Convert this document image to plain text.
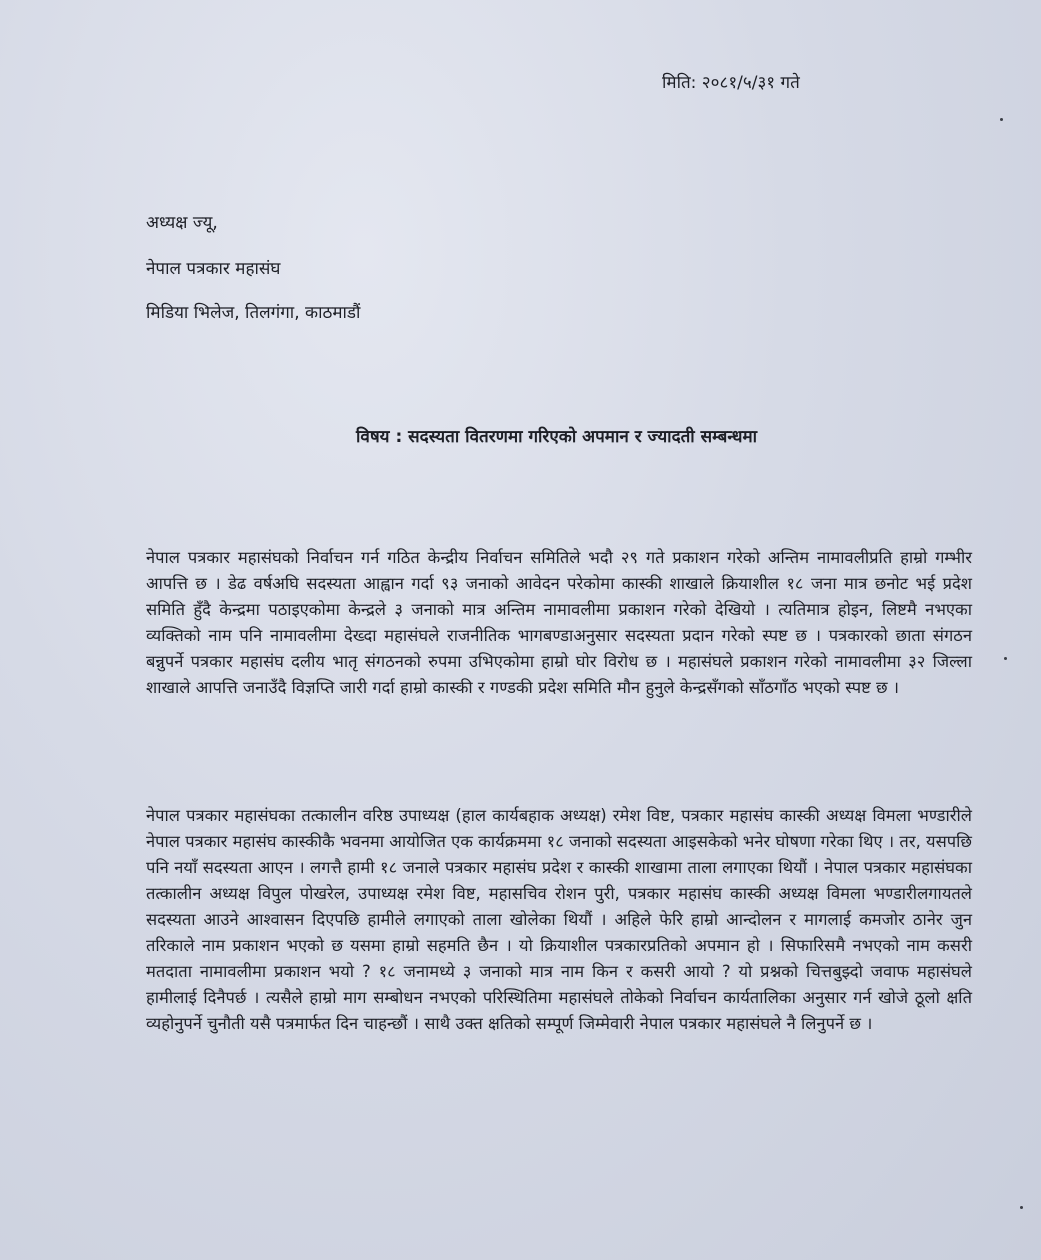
मिति: २०८१/५/३१ गते
अध्यक्ष ज्यू,
नेपाल पत्रकार महासंघ
मिडिया भिलेज, तिलगंगा, काठमाडौं
विषय : सदस्यता वितरणमा गरिएको अपमान र ज्यादती सम्बन्धमा

नेपाल पत्रकार महासंघको निर्वाचन गर्न गठित केन्द्रीय निर्वाचन समितिले भदौ २९ गते प्रकाशन गरेको अन्तिम नामावलीप्रति हाम्रो गम्भीर आपत्ति छ । डेढ वर्षअघि सदस्यता आह्वान गर्दा ९३ जनाको आवेदन परेकोमा कास्की शाखाले क्रियाशील १८ जना मात्र छनोट भई प्रदेश समिति हुँदै केन्द्रमा पठाइएकोमा केन्द्रले ३ जनाको मात्र अन्तिम नामावलीमा प्रकाशन गरेको देखियो । त्यतिमात्र होइन, लिष्टमै नभएका व्यक्तिको नाम पनि नामावलीमा देख्दा महासंघले राजनीतिक भागबण्डाअनुसार सदस्यता प्रदान गरेको स्पष्ट छ । पत्रकारको छाता संगठन बन्नुपर्ने पत्रकार महासंघ दलीय भातृ संगठनको रुपमा उभिएकोमा हाम्रो घोर विरोध छ । महासंघले प्रकाशन गरेको नामावलीमा ३२ जिल्ला शाखाले आपत्ति जनाउँदै विज्ञप्ति जारी गर्दा हाम्रो कास्की र गण्डकी प्रदेश समिति मौन हुनुले केन्द्रसँगको साँठगाँठ भएको स्पष्ट छ ।

नेपाल पत्रकार महासंघका तत्कालीन वरिष्ठ उपाध्यक्ष (हाल कार्यबहाक अध्यक्ष) रमेश विष्ट, पत्रकार महासंघ कास्की अध्यक्ष विमला भण्डारीले नेपाल पत्रकार महासंघ कास्कीकै भवनमा आयोजित एक कार्यक्रममा १८ जनाको सदस्यता आइसकेको भनेर घोषणा गरेका थिए । तर, यसपछि पनि नयाँ सदस्यता आएन । लगत्तै हामी १८ जनाले पत्रकार महासंघ प्रदेश र कास्की शाखामा ताला लगाएका थियौं । नेपाल पत्रकार महासंघका तत्कालीन अध्यक्ष विपुल पोखरेल, उपाध्यक्ष रमेश विष्ट, महासचिव रोशन पुरी, पत्रकार महासंघ कास्की अध्यक्ष विमला भण्डारीलगायतले सदस्यता आउने आश्वासन दिएपछि हामीले लगाएको ताला खोलेका थियौं । अहिले फेरि हाम्रो आन्दोलन र मागलाई कमजोर ठानेर जुन तरिकाले नाम प्रकाशन भएको छ यसमा हाम्रो सहमति छैन । यो क्रियाशील पत्रकारप्रतिको अपमान हो । सिफारिसमै नभएको नाम कसरी मतदाता नामावलीमा प्रकाशन भयो ? १८ जनामध्ये ३ जनाको मात्र नाम किन र कसरी आयो ? यो प्रश्नको चित्तबुझ्दो जवाफ महासंघले हामीलाई दिनैपर्छ । त्यसैले हाम्रो माग सम्बोधन नभएको परिस्थितिमा महासंघले तोकेको निर्वाचन कार्यतालिका अनुसार गर्न खोजे ठूलो क्षति व्यहोनुपर्ने चुनौती यसै पत्रमार्फत दिन चाहन्छौं । साथै उक्त क्षतिको सम्पूर्ण जिम्मेवारी नेपाल पत्रकार महासंघले नै लिनुपर्ने छ ।
